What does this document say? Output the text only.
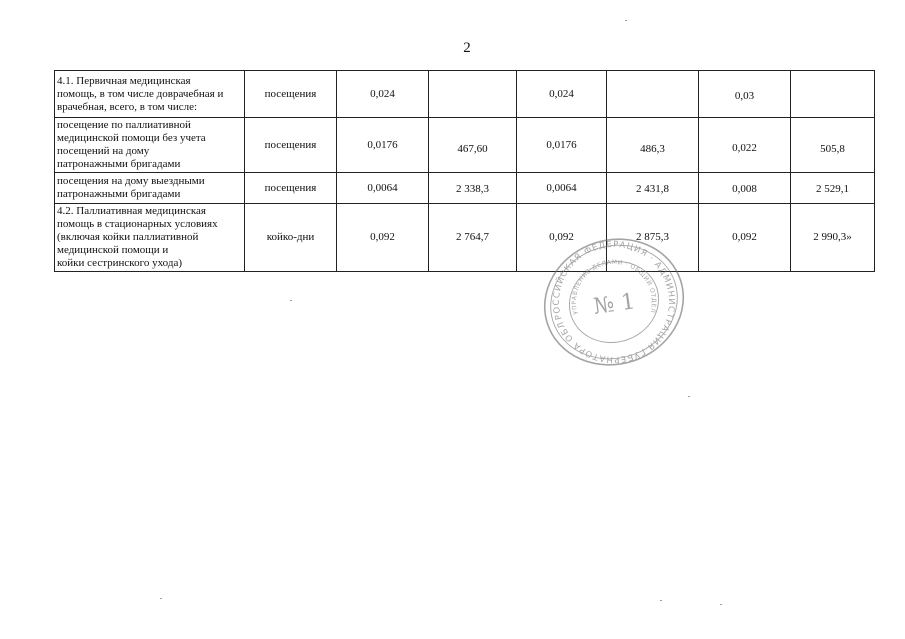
2
4.1. Первичная медицинская
помощь, в том числе доврачебная и
врачебная, всего, в том числе:	посещения	0,024		0,024		0,03	

посещение по паллиативной
медицинской помощи без учета
посещений на дому
патронажными бригадами	посещения	0,0176	467,60	0,0176	486,3	0,022	505,8

посещения на дому выездными
патронажными бригадами	посещения	0,0064	2 338,3	0,0064	2 431,8	0,008	2 529,1

4.2. Паллиативная медицинская
помощь в стационарных условиях
(включая койки паллиативной
медицинской помощи и
койки сестринского ухода)	койко-дни	0,092	2 764,7	0,092	2 875,3	0,092	2 990,3»
РОССИЙСКАЯ ФЕДЕРАЦИЯ · АДМИНИСТРАЦИЯ ГУБЕРНАТОРА ОБЛАСТИ
УПРАВЛЕНИЕ ДЕЛАМИ · ОБЩИЙ ОТДЕЛ
№ 1
